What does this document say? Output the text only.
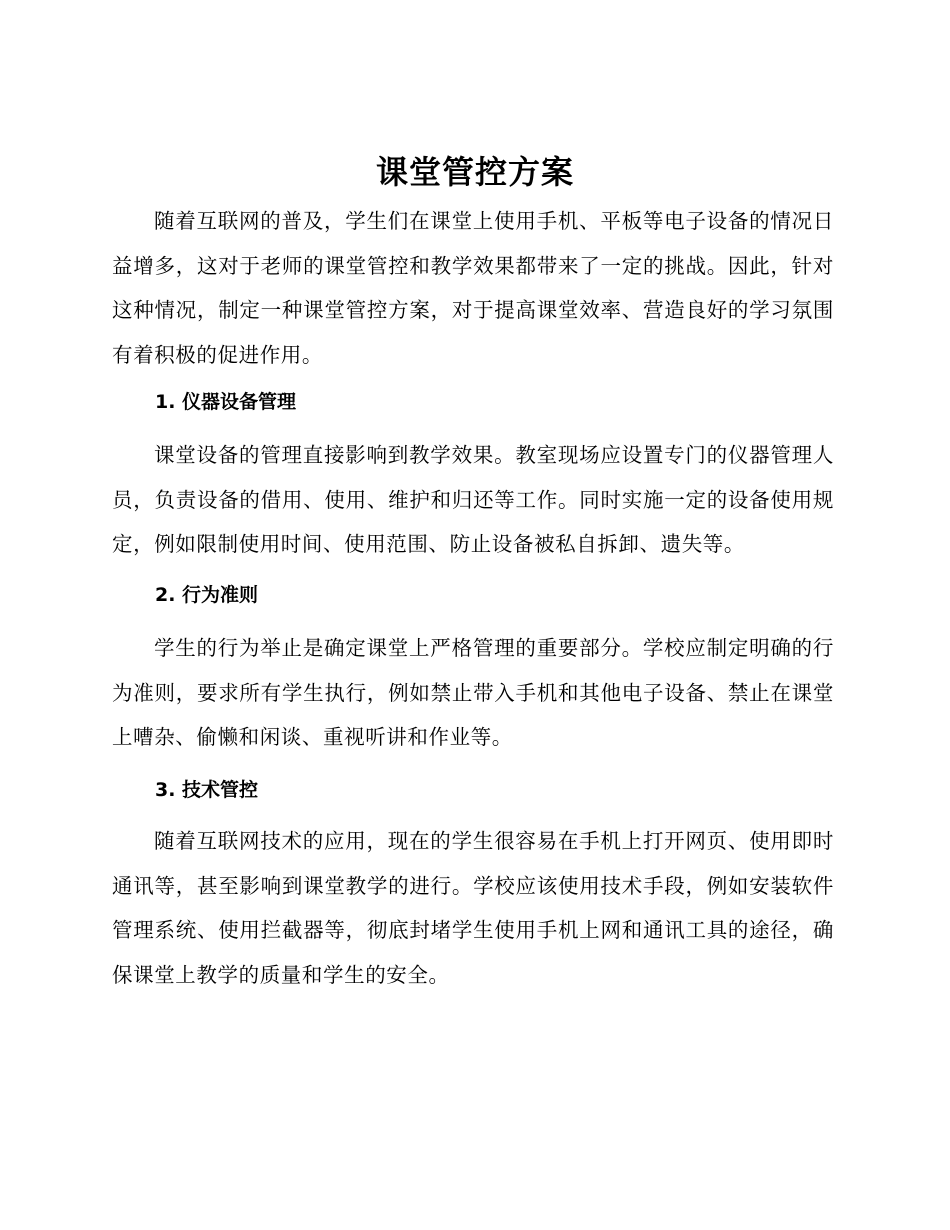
课堂管控方案

随着互联网的普及，学生们在课堂上使用手机、平板等电子设备的情况日益增多，这对于老师的课堂管控和教学效果都带来了一定的挑战。因此，针对这种情况，制定一种课堂管控方案，对于提高课堂效率、营造良好的学习氛围有着积极的促进作用。

1. 仪器设备管理

课堂设备的管理直接影响到教学效果。教室现场应设置专门的仪器管理人员，负责设备的借用、使用、维护和归还等工作。同时实施一定的设备使用规定，例如限制使用时间、使用范围、防止设备被私自拆卸、遗失等。

2. 行为准则

学生的行为举止是确定课堂上严格管理的重要部分。学校应制定明确的行为准则，要求所有学生执行，例如禁止带入手机和其他电子设备、禁止在课堂上嘈杂、偷懒和闲谈、重视听讲和作业等。

3. 技术管控

随着互联网技术的应用，现在的学生很容易在手机上打开网页、使用即时通讯等，甚至影响到课堂教学的进行。学校应该使用技术手段，例如安装软件管理系统、使用拦截器等，彻底封堵学生使用手机上网和通讯工具的途径，确保课堂上教学的质量和学生的安全。
